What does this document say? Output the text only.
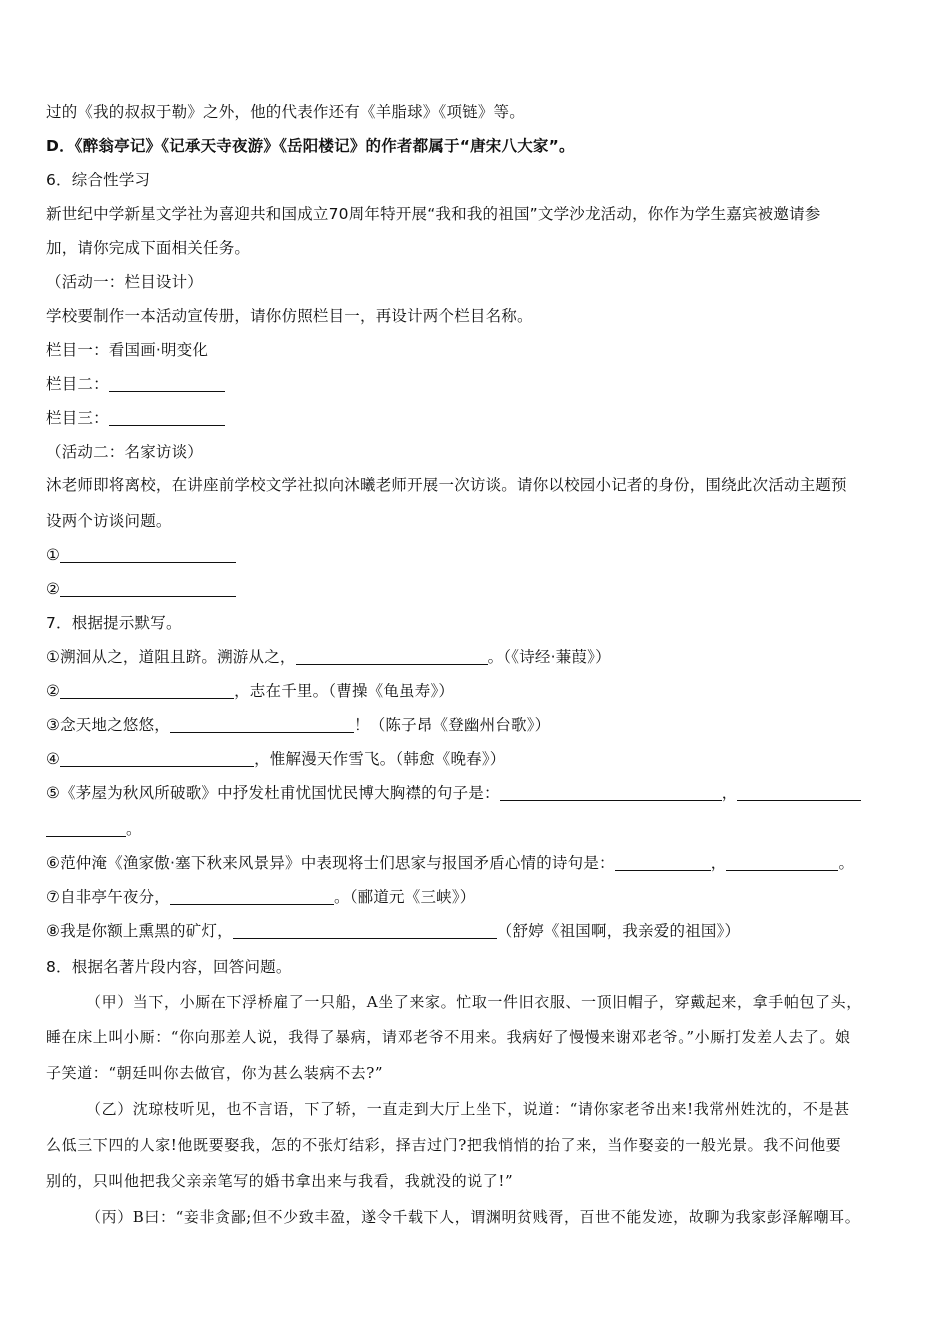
过的《我的叔叔于勒》之外，他的代表作还有《羊脂球》《项链》等。
D．《醉翁亭记》《记承天寺夜游》《岳阳楼记》的作者都属于“唐宋八大家”。
6．综合性学习
新世纪中学新星文学社为喜迎共和国成立70周年特开展“我和我的祖国”文学沙龙活动，你作为学生嘉宾被邀请参
加，请你完成下面相关任务。
（活动一：栏目设计）
学校要制作一本活动宣传册，请你仿照栏目一，再设计两个栏目名称。
栏目一：看国画·明变化
栏目二：
栏目三：
（活动二：名家访谈）
沐老师即将离校，在讲座前学校文学社拟向沐曦老师开展一次访谈。请你以校园小记者的身份，围绕此次活动主题预
设两个访谈问题。
①
②
7．根据提示默写。
①溯洄从之，道阻且跻。溯游从之，	。（《诗经·蒹葭》）
②	，志在千里。（曹操《龟虽寿》）
③念天地之悠悠，	！（陈子昂《登幽州台歌》）
④	，惟解漫天作雪飞。（韩愈《晚春》）
⑤《茅屋为秋风所破歌》中抒发杜甫忧国忧民博大胸襟的句子是：	，
。
⑥范仲淹《渔家傲·塞下秋来风景异》中表现将士们思家与报国矛盾心情的诗句是：	，	。
⑦自非亭午夜分，	。（郦道元《三峡》）
⑧我是你额上熏黑的矿灯，	（舒婷《祖国啊，我亲爱的祖国》）
8．根据名著片段内容，回答问题。
（甲）当下，小厮在下浮桥雇了一只船，A坐了来家。忙取一件旧衣服、一顶旧帽子，穿戴起来，拿手帕包了头，
睡在床上叫小厮：“你向那差人说，我得了暴病，请邓老爷不用来。我病好了慢慢来谢邓老爷。”小厮打发差人去了。娘
子笑道：“朝廷叫你去做官，你为甚么装病不去?”
（乙）沈琼枝听见，也不言语，下了轿，一直走到大厅上坐下，说道：“请你家老爷出来!我常州姓沈的，不是甚
么低三下四的人家!他既要娶我，怎的不张灯结彩，择吉过门?把我悄悄的抬了来，当作娶妾的一般光景。我不问他要
别的，只叫他把我父亲亲笔写的婚书拿出来与我看，我就没的说了!”
（丙）B曰：“妾非贪鄙;但不少致丰盈，遂令千载下人，谓渊明贫贱胥，百世不能发迹，故聊为我家彭泽解嘲耳。
